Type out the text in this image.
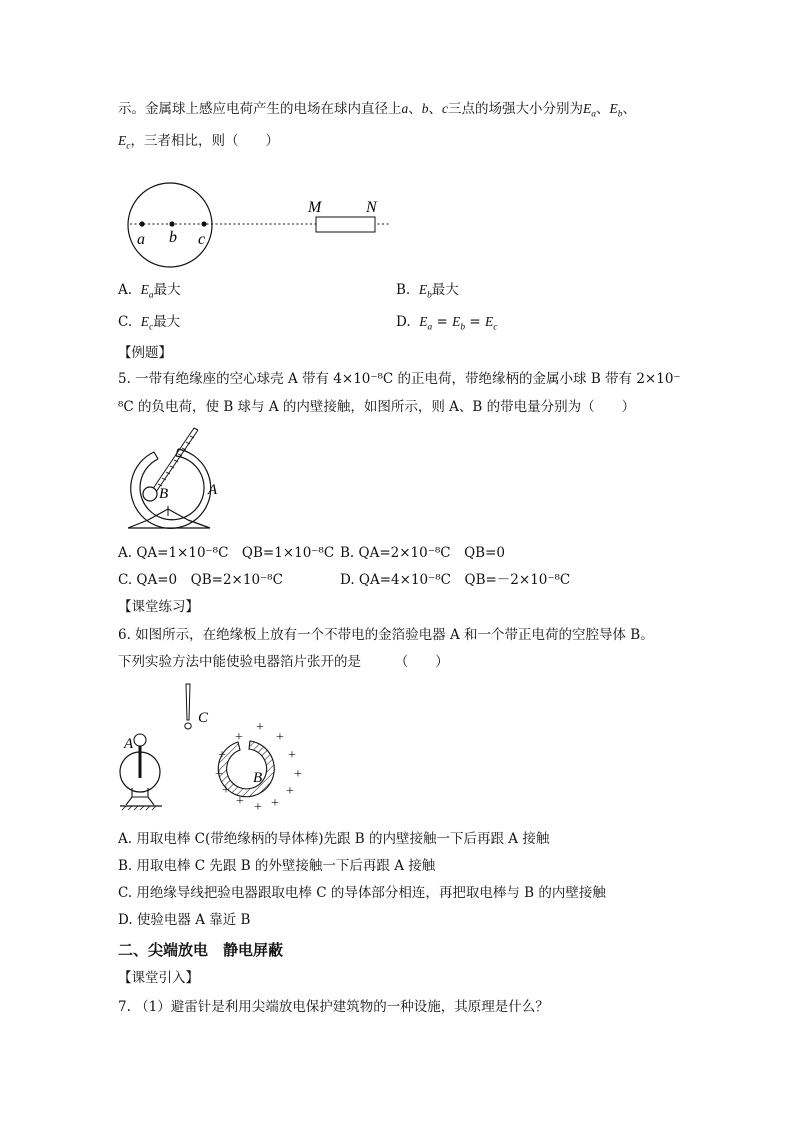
示。金属球上感应电荷产生的电场在球内直径上a、b、c三点的场强大小分别为$E_a$、$E_b$、
$E_c$，三者相比，则（　　）
a b c
M	N
A. $E_a$最大	B. $E_b$最大
C. $E_c$最大	D. $E_a = E_b = E_c$
【例题】
5. 一带有绝缘座的空心球壳 A 带有 4×10⁻⁸C 的正电荷，带绝缘柄的金属小球 B 带有 2×10⁻
⁸C 的负电荷，使 B 球与 A 的内壁接触，如图所示，则 A、B 的带电量分别为（　　）
B	A
A. QA=1×10⁻⁸C　QB=1×10⁻⁸C B. QA=2×10⁻⁸C　QB=0
C. QA=0　QB=2×10⁻⁸C	D. QA=4×10⁻⁸C　QB=－2×10⁻⁸C
【课堂练习】
6. 如图所示，在绝缘板上放有一个不带电的金箔验电器 A 和一个带正电荷的空腔导体 B。
下列实验方法中能使验电器箔片张开的是　　　（　　）
C
A
B
+
+ +
+	+
+	+
+	+
+ +
+
A. 用取电棒 C(带绝缘柄的导体棒)先跟 B 的内壁接触一下后再跟 A 接触
B. 用取电棒 C 先跟 B 的外壁接触一下后再跟 A 接触
C. 用绝缘导线把验电器跟取电棒 C 的导体部分相连，再把取电棒与 B 的内壁接触
D. 使验电器 A 靠近 B
二、尖端放电　静电屏蔽
【课堂引入】
7. （1）避雷针是利用尖端放电保护建筑物的一种设施，其原理是什么？
